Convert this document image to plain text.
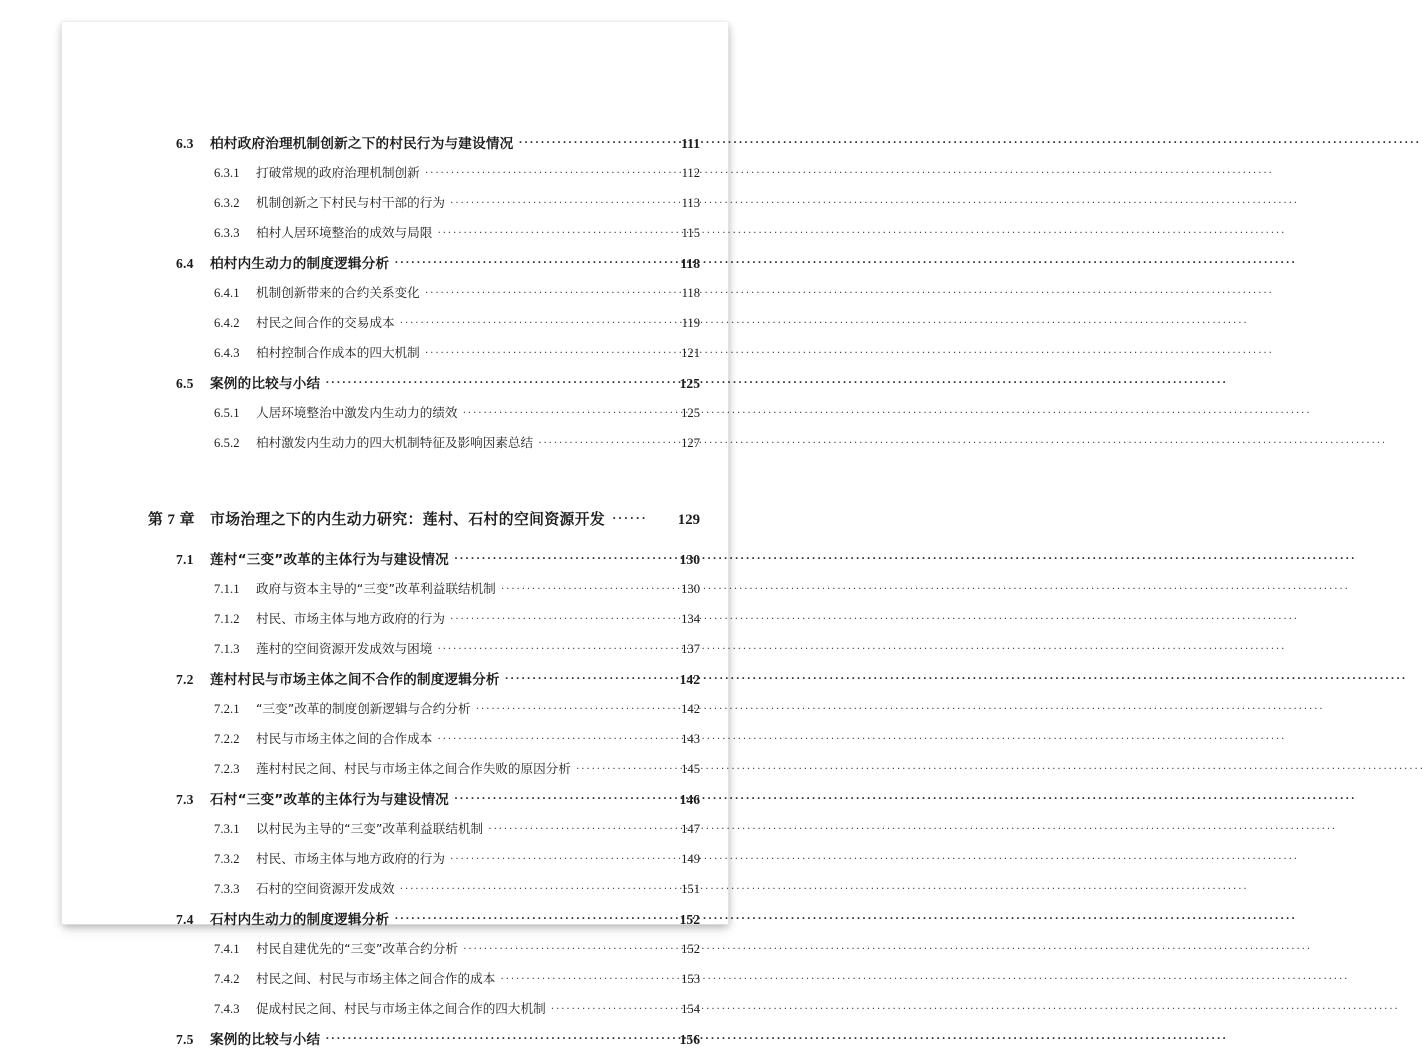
6.3	柏村政府治理机制创新之下的村民行为与建设情况 ·····	111
6.3.1	打破常规的政府治理机制创新 ·····	112
6.3.2	机制创新之下村民与村干部的行为 ·····	113
6.3.3	柏村人居环境整治的成效与局限 ·····	115
6.4	柏村内生动力的制度逻辑分析 ·····	118
6.4.1	机制创新带来的合约关系变化 ·····	118
6.4.2	村民之间合作的交易成本 ·····	119
6.4.3	柏村控制合作成本的四大机制 ·····	121
6.5	案例的比较与小结 ·····	125
6.5.1	人居环境整治中激发内生动力的绩效 ·····	125
6.5.2	柏村激发内生动力的四大机制特征及影响因素总结 ·····	127
第 7 章	市场治理之下的内生动力研究：莲村、石村的空间资源开发 ······	129
7.1	莲村“三变”改革的主体行为与建设情况 ·····	130
7.1.1	政府与资本主导的“三变”改革利益联结机制 ·····	130
7.1.2	村民、市场主体与地方政府的行为 ·····	134
7.1.3	莲村的空间资源开发成效与困境 ·····	137
7.2	莲村村民与市场主体之间不合作的制度逻辑分析 ·····	142
7.2.1	“三变”改革的制度创新逻辑与合约分析 ·····	142
7.2.2	村民与市场主体之间的合作成本 ·····	143
7.2.3	莲村村民之间、村民与市场主体之间合作失败的原因分析 ·····	145
7.3	石村“三变”改革的主体行为与建设情况 ·····	146
7.3.1	以村民为主导的“三变”改革利益联结机制 ·····	147
7.3.2	村民、市场主体与地方政府的行为 ·····	149
7.3.3	石村的空间资源开发成效 ·····	151
7.4	石村内生动力的制度逻辑分析 ·····	152
7.4.1	村民自建优先的“三变”改革合约分析 ·····	152
7.4.2	村民之间、村民与市场主体之间合作的成本 ·····	153
7.4.3	促成村民之间、村民与市场主体之间合作的四大机制 ·····	154
7.5	案例的比较与小结 ·····	156
